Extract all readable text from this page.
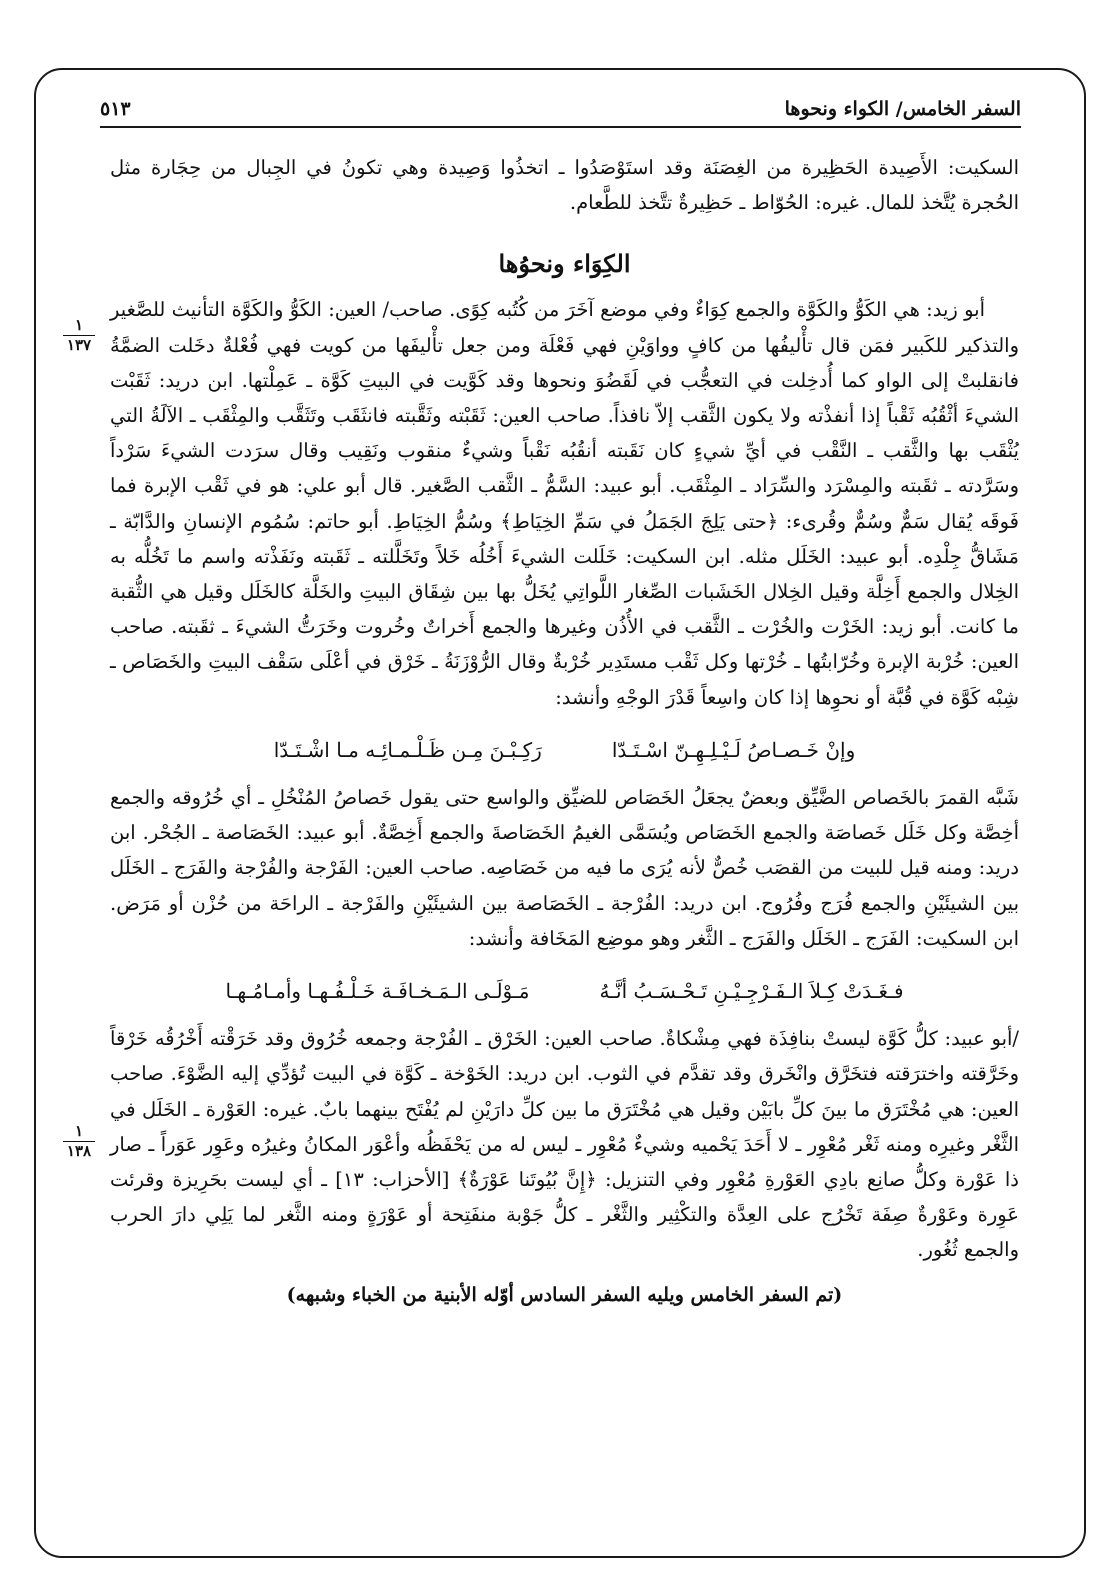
السفر الخامس/ الكواء ونحوها
٥١٣
١
١٣٧
١
١٣٨

السكيت: الأَصِيدة الحَظِيرة من الغِصَنَة وقد استَوْصَدُوا ـ اتخذُوا وَصِيدة وهي تكونُ في الجِبال من حِجَارة مثل الحُجرة يُتَّخذ للمال. غيره: الحُوّاط ـ حَظِيرةٌ تتَّخذ للطَّعام.

الكِوَاء ونحوُها

أبو زيد: هي الكَوُّ والكَوَّة والجمع كِوَاءٌ وفي موضع آخَرَ من كُتُبه كِوًى. صاحب/ العين: الكَوُّ والكَوَّة التأنيث للصَّغير والتذكير للكَبير فمَن قال تأْليفُها من كافٍ وواوَيْنِ فهي فَعْلَة ومن جعل تأْليفَها من كويت فهي فُعْلةٌ دخَلت الضمَّةُ فانقلبتْ إلى الواو كما أُدخِلت في التعجُّب في لَقَضُوَ ونحوها وقد كَوَّيت في البيتِ كَوَّة ـ عَمِلْتها. ابن دريد: ثَقَبْت الشيءَ أثْقُبُه ثَقْباً إذا أنفذْته ولا يكون الثَّقب إلاّ نافذاً. صاحب العين: ثَقَبْته وثَقَّبته فانثَقَب وتَثَقَّب والمِثْقَب ـ الآلَةُ التي يُثْقَب بها والثَّقب ـ النَّقْب في أيِّ شيءٍ كان نَقَبته أنقُبُه نَقْباً وشيءٌ منقوب ونَقِيب وقال سرَدت الشيءَ سَرْداً وسَرَّدته ـ ثقَبته والمِسْرَد والسِّرَاد ـ المِثْقَب. أبو عبيد: السَّمُّ ـ الثَّقب الصَّغير. قال أبو علي: هو في ثَقْب الإبرة فما فَوقَه يُقال سَمٌّ وسُمٌّ وقُرىء: ﴿حتى يَلِجَ الجَمَلُ في سَمِّ الخِيَاطِ﴾ وسُمُّ الخِيَاطِ. أبو حاتم: سُمُوم الإنسانِ والدَّابّة ـ مَشَاقُّ جِلْدِه. أبو عبيد: الخَلَل مثله. ابن السكيت: خَلَلت الشيءَ أَخُلُه خَلاً وتَخَلَّلته ـ ثَقَبته ونَفَذْته واسم ما تَخُلُّه به الخِلال والجمع أَخِلَّة وقيل الخِلال الخَشَبات الصِّغار اللَّواتِي يُخَلُّ بها بين شِقَاق البيتِ والخَلَّة كالخَلَل وقيل هي الثُّقبة ما كانت. أبو زيد: الخَرْت والخُرْت ـ الثَّقب في الأُذُن وغيرها والجمع أَخراتٌ وخُروت وخَرَتُّ الشيءَ ـ ثقَبته. صاحب العين: خُرْبة الإبرة وخُرّابتُها ـ خُرْتها وكل ثَقْب مستَدِير خُرْبةٌ وقال الرُّوْزَنَةُ ـ خَرْق في أعْلَى سَقْف البيتِ والخَصَاص ـ شِبْه كَوَّة في قُبَّة أو نحوِها إذا كان واسِعاً قَدْرَ الوجْهِ وأنشد:

وإنْ خَـصـاصُ لَـيْـلِـهِـنّ اسْـتَـدّا
رَكِـبْـنَ مِـن ظَـلْـمـائِـه مـا اشْـتَـدّا

شَبَّه القمرَ بالخَصاص الضَّيِّق وبعضٌ يجعَلُ الخَصَاص للضيِّق والواسع حتى يقول خَصاصُ المُنْخُلِ ـ أي خُرُوقه والجمع أخِصَّة وكل خَلَل خَصاصَة والجمع الخَصَاص ويُسَمَّى الغيمُ الخَصَاصةَ والجمع أَخِصَّةٌ. أبو عبيد: الخَصَاصة ـ الجُحْر. ابن دريد: ومنه قيل للبيت من القصَب خُصٌّ لأنه يُرَى ما فيه من خَصَاصِه. صاحب العين: الفَرْجة والفُرْجة والفَرَج ـ الخَلَل بين الشيئَيْنِ والجمع فُرَج وفُرُوج. ابن دريد: الفُرْجة ـ الخَصَاصة بين الشيئَيْنِ والفَرْجة ـ الراحَة من حُزْن أو مَرَض. ابن السكيت: الفَرَج ـ الخَلَل والفَرَج ـ الثَّغر وهو موضِع المَخَافة وأنشد:

فـغَـدَتْ كِـلاَ الـفَـرْجِـيْـنِ تَـحْـسَـبُ أنَّـهُ
مَـوْلَـى الـمَـخـافَـة خَـلْـفُـهـا وأمـامُـهـا

/أبو عبيد: كلُّ كَوَّة ليستْ بنافِذَة فهي مِشْكاةٌ. صاحب العين: الخَرْق ـ الفُرْجة وجمعه خُرُوق وقد خَرَقْته أَخْرُقُه خَرْقاً وخَرَّقته واخترَقته فتخَرَّق وانْخَرق وقد تقدَّم في الثوب. ابن دريد: الخَوْخة ـ كَوَّة في البيت تُؤدِّي إليه الضَّوْءَ. صاحب العين: هي مُخْتَرَق ما بينَ كلِّ بابَيْن وقيل هي مُخْتَرَق ما بين كلِّ دارَيْنِ لم يُفْتَح بينهما بابٌ. غيره: العَوْرة ـ الخَلَل في الثَّغْر وغيرِه ومنه ثَغْر مُعْوِر ـ لا أَحَدَ يَحْميه وشيءٌ مُعْوِر ـ ليس له من يَحْفَظُه وأعْوَر المكانُ وغيرُه وعَوِر عَوَراً ـ صار ذا عَوْرة وكلُّ صانِع بادِي العَوْرةِ مُعْوِر وفي التنزيل: ﴿إِنَّ بُيُوتَنا عَوْرَةٌ﴾ [الأحزاب: ١٣] ـ أي ليست بحَرِيزة وقرئت عَوِرة وعَوْرةٌ صِفَة تَخْرُج على العِدَّة والتكْثِير والثَّغْر ـ كلُّ جَوْبة منفَتِحة أو عَوْرَةٍ ومنه الثَّغر لما يَلِي دارَ الحرب والجمع ثُغُور.

(تم السفر الخامس ويليه السفر السادس أوّله الأبنية من الخباء وشبهه)
